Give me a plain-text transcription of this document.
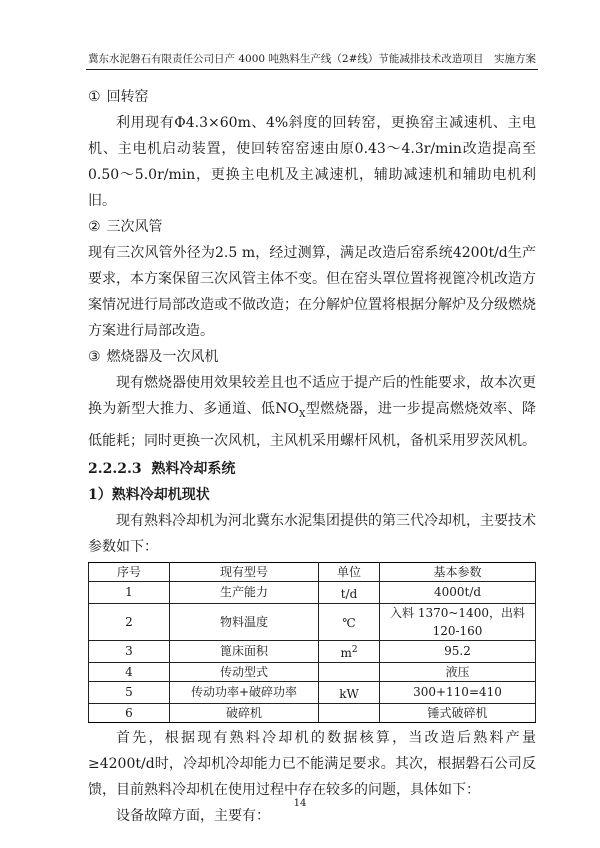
冀东水泥磐石有限责任公司日产 4000 吨熟料生产线（2#线）节能减排技术改造项目 实施方案

① 回转窑

利用现有Φ4.3×60m、4%斜度的回转窑，更换窑主减速机、主电机、主电机启动装置，使回转窑窑速由原0.43～4.3r/min改造提高至0.50～5.0r/min，更换主电机及主减速机，辅助减速机和辅助电机利旧。

② 三次风管

现有三次风管外径为2.5 m，经过测算，满足改造后窑系统4200t/d生产要求，本方案保留三次风管主体不变。但在窑头罩位置将视篦冷机改造方案情况进行局部改造或不做改造；在分解炉位置将根据分解炉及分级燃烧方案进行局部改造。

③ 燃烧器及一次风机

现有燃烧器使用效果较差且也不适应于提产后的性能要求，故本次更换为新型大推力、多通道、低$NO_X$型燃烧器，进一步提高燃烧效率、降低能耗；同时更换一次风机，主风机采用螺杆风机，备机采用罗茨风机。

2.2.2.3 熟料冷却系统

1）熟料冷却机现状

现有熟料冷却机为河北冀东水泥集团提供的第三代冷却机，主要技术参数如下：

序号	现有型号	单位	基本参数
1	生产能力	t/d	4000t/d
2	物料温度	℃	入料 1370~1400，出料 120-160
3	篦床面积	$m^2$	95.2
4	传动型式		液压
5	传动功率+破碎功率	kW	300+110=410
6	破碎机		锤式破碎机

首先，根据现有熟料冷却机的数据核算，当改造后熟料产量≥4200t/d时，冷却机冷却能力已不能满足要求。其次，根据磐石公司反馈，目前熟料冷却机在使用过程中存在较多的问题，具体如下：

设备故障方面，主要有：

14
